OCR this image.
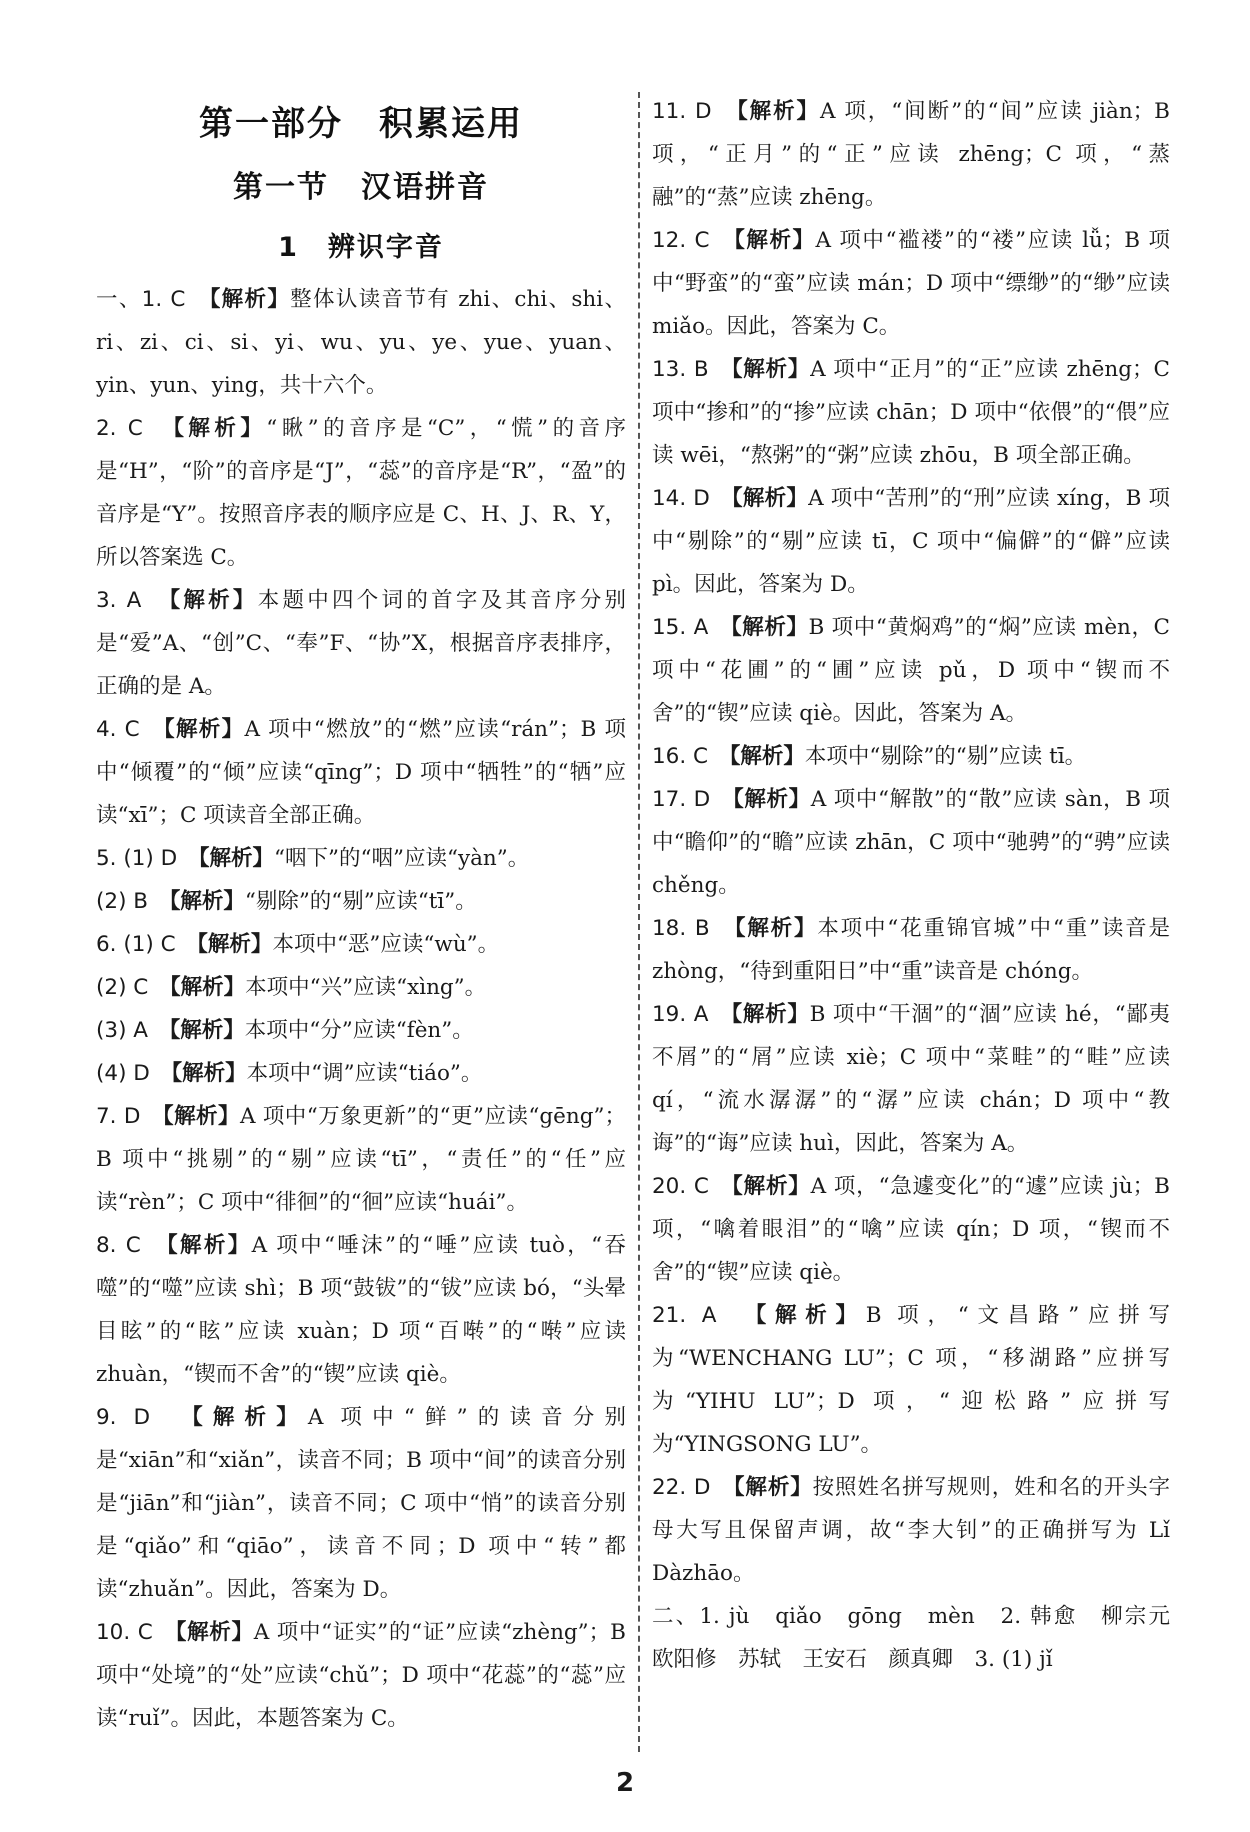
第一部分　积累运用
第一节　汉语拼音
1　辨识字音

一、1. C　 【解析】整体认读音节有 zhi、chi、shi、ri、zi、ci、si、yi、wu、yu、ye、yue、yuan、yin、yun、ying，共十六个。

2. C　 【解析】“瞅”的音序是“C”，“慌”的音序是“H”，“阶”的音序是“J”，“蕊”的音序是“R”，“盈”的音序是“Y”。按照音序表的顺序应是 C、H、J、R、Y，所以答案选 C。

3. A　 【解析】本题中四个词的首字及其音序分别是“爱”A、“创”C、“奉”F、“协”X，根据音序表排序，正确的是 A。

4. C　 【解析】A 项中“燃放”的“燃”应读“rán”；B 项中“倾覆”的“倾”应读“qīng”；D 项中“牺牲”的“牺”应读“xī”；C 项读音全部正确。

5. (1) D　 【解析】“咽下”的“咽”应读“yàn”。

(2) B　 【解析】“剔除”的“剔”应读“tī”。

6. (1) C　 【解析】本项中“恶”应读“wù”。

(2) C　 【解析】本项中“兴”应读“xìng”。

(3) A　 【解析】本项中“分”应读“fèn”。

(4) D　 【解析】本项中“调”应读“tiáo”。

7. D　 【解析】A 项中“万象更新”的“更”应读“gēng”；B 项中“挑剔”的“剔”应读“tī”，“责任”的“任”应读“rèn”；C 项中“徘徊”的“徊”应读“huái”。

8. C　 【解析】A 项中“唾沫”的“唾”应读 tuò，“吞噬”的“噬”应读 shì；B 项“鼓钹”的“钹”应读 bó，“头晕目眩”的“眩”应读 xuàn；D 项“百啭”的“啭”应读 zhuàn，“锲而不舍”的“锲”应读 qiè。

9. D　 【解析】A 项中“鲜”的读音分别是“xiān”和“xiǎn”，读音不同；B 项中“间”的读音分别是“jiān”和“jiàn”，读音不同；C 项中“悄”的读音分别是“qiǎo”和“qiāo”，读音不同；D 项中“转”都读“zhuǎn”。因此，答案为 D。

10. C　 【解析】A 项中“证实”的“证”应读“zhèng”；B 项中“处境”的“处”应读“chǔ”；D 项中“花蕊”的“蕊”应读“ruǐ”。因此，本题答案为 C。

11. D　 【解析】A 项，“间断”的“间”应读 jiàn；B 项，“正月”的“正”应读 zhēng；C 项，“蒸融”的“蒸”应读 zhēng。

12. C　 【解析】A 项中“褴褛”的“褛”应读 lǚ；B 项中“野蛮”的“蛮”应读 mán；D 项中“缥缈”的“缈”应读 miǎo。因此，答案为 C。

13. B　 【解析】A 项中“正月”的“正”应读 zhēng；C 项中“掺和”的“掺”应读 chān；D 项中“依偎”的“偎”应读 wēi，“熬粥”的“粥”应读 zhōu，B 项全部正确。

14. D　 【解析】A 项中“苦刑”的“刑”应读 xíng，B 项中“剔除”的“剔”应读 tī，C 项中“偏僻”的“僻”应读 pì。因此，答案为 D。

15. A　 【解析】B 项中“黄焖鸡”的“焖”应读 mèn，C 项中“花圃”的“圃”应读 pǔ，D 项中“锲而不舍”的“锲”应读 qiè。因此，答案为 A。

16. C　 【解析】本项中“剔除”的“剔”应读 tī。

17. D　 【解析】A 项中“解散”的“散”应读 sàn，B 项中“瞻仰”的“瞻”应读 zhān，C 项中“驰骋”的“骋”应读 chěng。

18. B　 【解析】本项中“花重锦官城”中“重”读音是 zhòng，“待到重阳日”中“重”读音是 chóng。

19. A　 【解析】B 项中“干涸”的“涸”应读 hé，“鄙夷不屑”的“屑”应读 xiè；C 项中“菜畦”的“畦”应读 qí，“流水潺潺”的“潺”应读 chán；D 项中“教诲”的“诲”应读 huì，因此，答案为 A。

20. C　 【解析】A 项，“急遽变化”的“遽”应读 jù；B 项，“噙着眼泪”的“噙”应读 qín；D 项，“锲而不舍”的“锲”应读 qiè。

21. A　 【解析】B 项，“文昌路”应拼写为“WENCHANG LU”；C 项，“移湖路”应拼写为“YIHU LU”；D 项，“迎松路”应拼写为“YINGSONG LU”。

22. D　 【解析】按照姓名拼写规则，姓和名的开头字母大写且保留声调，故“李大钊”的正确拼写为 Lǐ Dàzhāo。

二、1. jù　qiǎo　gōng　mèn　2. 韩愈　柳宗元　欧阳修　苏轼　王安石　颜真卿　3. (1) jǐ

2
